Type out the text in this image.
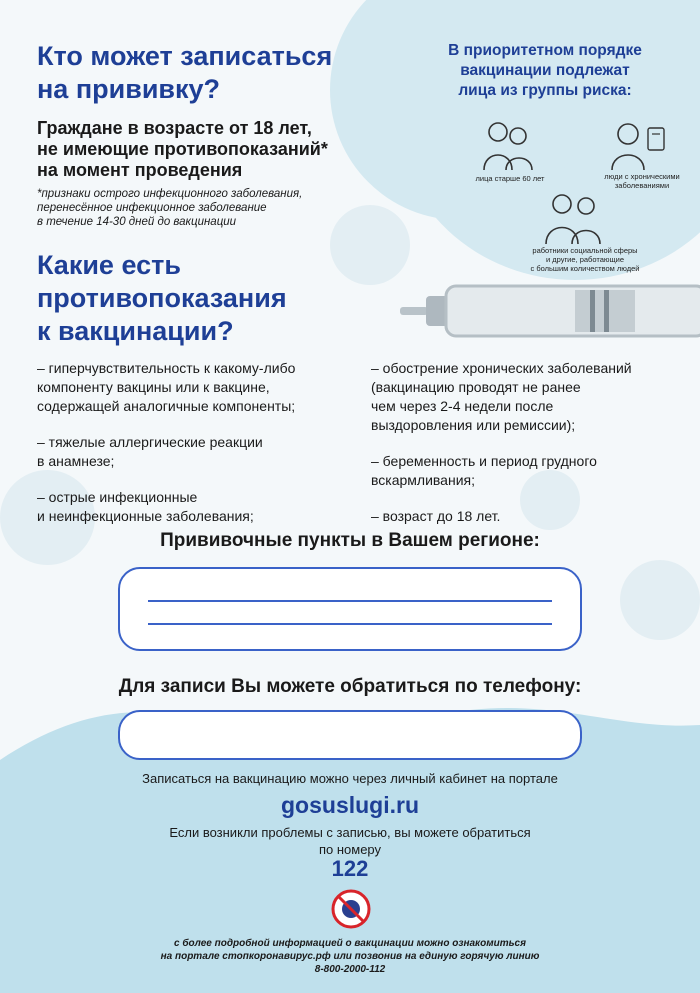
Кто может записаться
на прививку?
Граждане в возрасте от 18 лет,
не имеющие противопоказаний*
на момент проведения
*признаки острого инфекционного заболевания,
перенесённое инфекционное заболевание
в течение 14-30 дней до вакцинации
В приоритетном порядке
вакцинации подлежат
лица из группы риска:
лица старше 60 лет	люди с хроническими
заболеваниями
работники социальной сферы
и другие, работающие
с большим количеством людей
Какие есть
противопоказания
к вакцинации?

– гиперчувствительность к какому-либо
компоненту вакцины или к вакцине,
содержащей аналогичные компоненты;

– тяжелые аллергические реакции
в анамнезе;

– острые инфекционные
и неинфекционные заболевания;

– обострение хронических заболеваний
(вакцинацию проводят не ранее
чем через 2-4 недели после
выздоровления или ремиссии);

– беременность и период грудного
вскармливания;

– возраст до 18 лет.

Прививочные пункты в Вашем регионе:
Для записи Вы можете обратиться по телефону:
Записаться на вакцинацию можно через личный кабинет на портале
gosuslugi.ru
Если возникли проблемы с записью, вы можете обратиться
по номеру
122
с более подробной информацией о вакцинации можно ознакомиться
на портале стопкоронавирус.рф или позвонив на единую горячую линию
8-800-2000-112
